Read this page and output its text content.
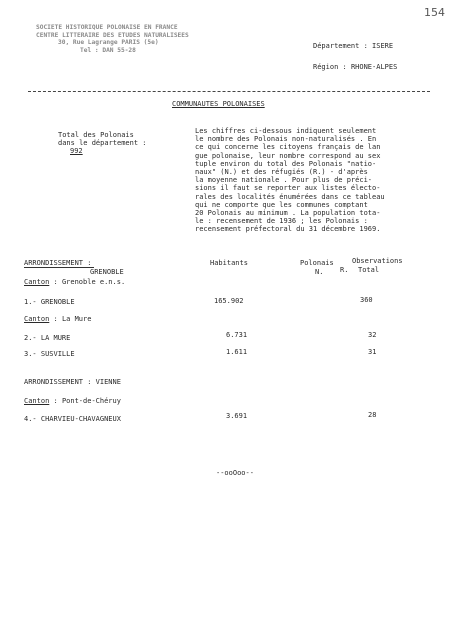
154
SOCIETE HISTORIQUE POLONAISE EN FRANCE
CENTRE LITTERAIRE DES ETUDES NATURALISEES
30, Rue Lagrange PARIS (5e)
Tel : DAN 55-28
Département : ISERE
Région : RHONE-ALPES
COMMUNAUTES POLONAISES
Total des Polonais
dans le département :
992
Les chiffres ci-dessous indiquent seulement
le nombre des Polonais non-naturalisés . En
ce qui concerne les citoyens français de lan
gue polonaise, leur nombre correspond au sex
tuple environ du total des Polonais "natio-
naux" (N.) et des réfugiés (R.) - d'après
la moyenne nationale . Pour plus de préci-
sions il faut se reporter aux listes électo-
rales des localités énumérées dans ce tableau
qui ne comporte que les communes comptant
20 Polonais au minimum . La population tota-
le : recensement de 1936 ; les Polonais :
recensement préfectoral du 31 décembre 1969.
ARRONDISSEMENT :
GRENOBLE
Habitants	Polonais	Observations
N. R. Total
Canton : Grenoble e.n.s.
1.- GRENOBLE	165.902	360
Canton : La Mure
2.- LA MURE	6.731	32
3.- SUSVILLE	1.611	31
ARRONDISSEMENT : VIENNE
Canton : Pont-de-Chéruy
4.- CHARVIEU-CHAVAGNEUX	3.691	28
--ooOoo--
